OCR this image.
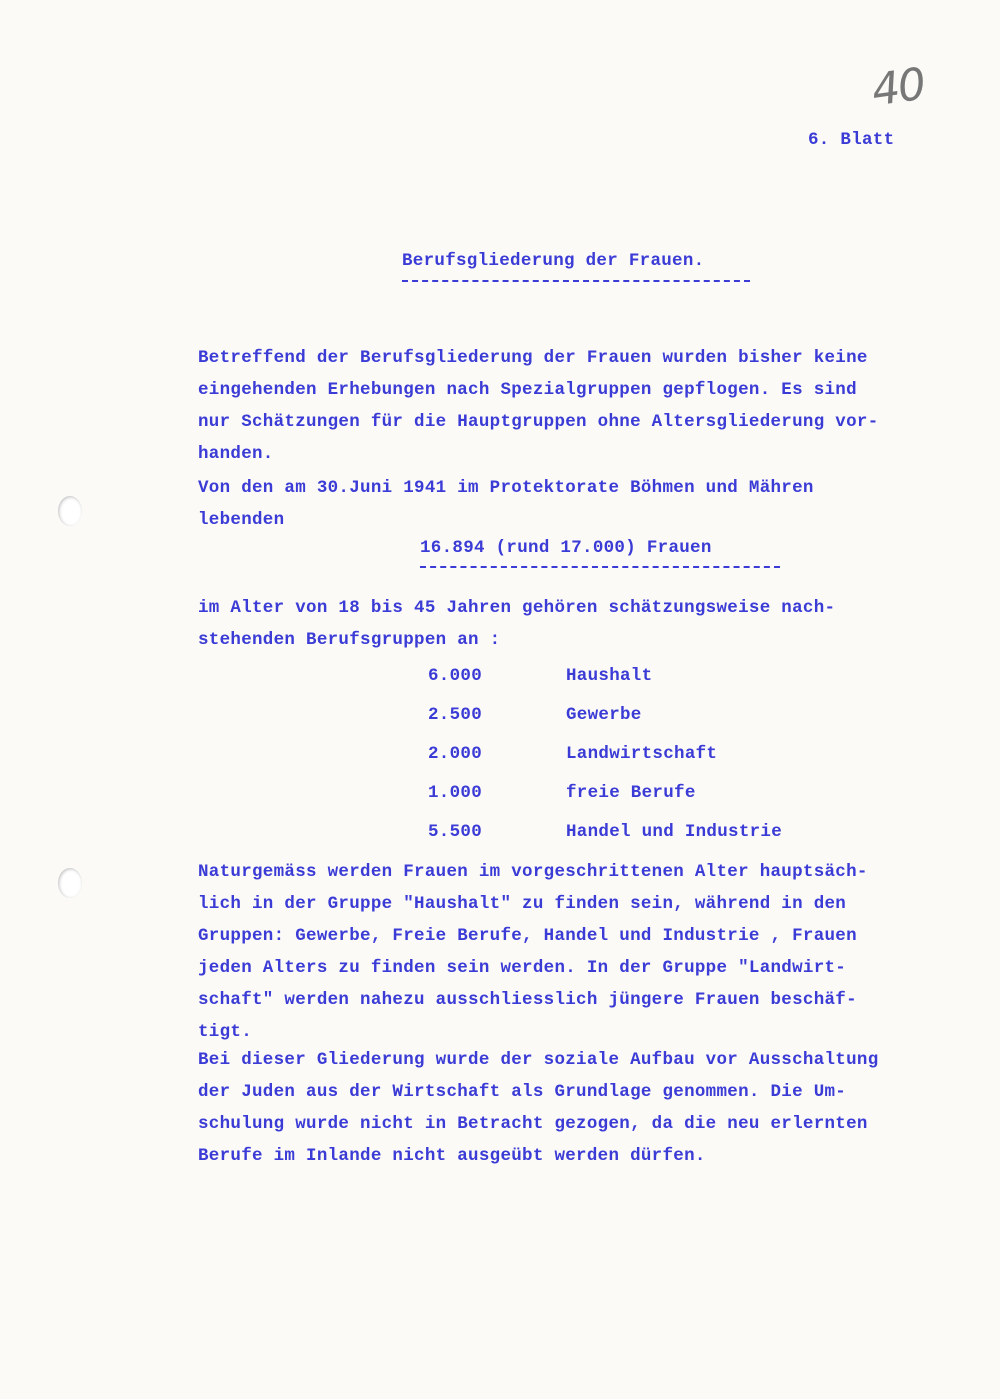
40
6. Blatt
Berufsgliederung der Frauen.
Betreffend der Berufsgliederung der Frauen wurden bisher keine
eingehenden Erhebungen nach Spezialgruppen gepflogen. Es sind
nur Schätzungen für die Hauptgruppen ohne Altersgliederung vor-
handen.
Von den am 30.Juni 1941 im Protektorate Böhmen und Mähren
lebenden
16.894 (rund 17.000) Frauen
im Alter von 18 bis 45 Jahren gehören schätzungsweise nach-
stehenden Berufsgruppen an :
6.000	Haushalt
2.500	Gewerbe
2.000	Landwirtschaft
1.000	freie Berufe
5.500	Handel und Industrie
Naturgemäss werden Frauen im vorgeschrittenen Alter hauptsäch-
lich in der Gruppe "Haushalt" zu finden sein, während in den
Gruppen: Gewerbe, Freie Berufe, Handel und Industrie , Frauen
jeden Alters zu finden sein werden. In der Gruppe "Landwirt-
schaft" werden nahezu ausschliesslich jüngere Frauen beschäf-
tigt.
Bei dieser Gliederung wurde der soziale Aufbau vor Ausschaltung
der Juden aus der Wirtschaft als Grundlage genommen. Die Um-
schulung wurde nicht in Betracht gezogen, da die neu erlernten
Berufe im Inlande nicht ausgeübt werden dürfen.
